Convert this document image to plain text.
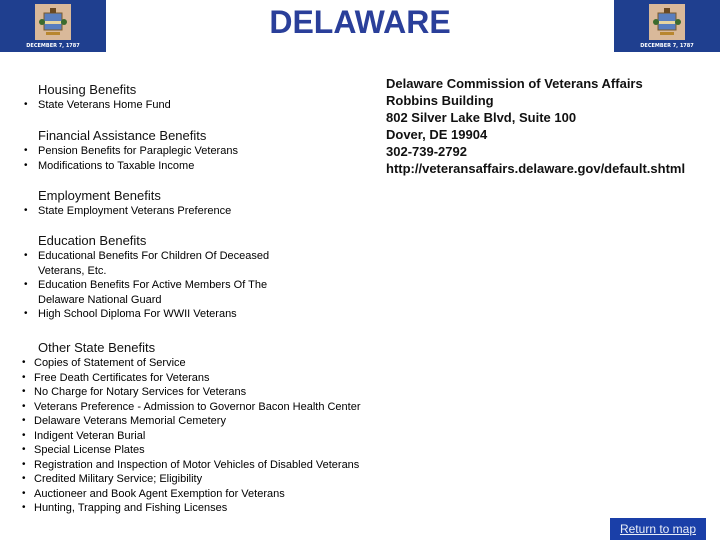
DECEMBER 7, 1787	DECEMBER 7, 1787
DELAWARE
Housing Benefits
• State Veterans Home Fund
Financial Assistance Benefits
• Pension Benefits for Paraplegic Veterans
• Modifications to Taxable Income
Employment Benefits
• State Employment Veterans Preference
Education Benefits
• Educational Benefits For Children Of Deceased
Veterans, Etc.
• Education Benefits For Active Members Of The
Delaware National Guard
• High School Diploma For WWII Veterans
Other State Benefits
• Copies of Statement of Service
• Free Death Certificates for Veterans
• No Charge for Notary Services for Veterans
• Veterans Preference - Admission to Governor Bacon Health Center
• Delaware Veterans Memorial Cemetery
• Indigent Veteran Burial
• Special License Plates
• Registration and Inspection of Motor Vehicles of Disabled Veterans
• Credited Military Service; Eligibility
• Auctioneer and Book Agent Exemption for Veterans
• Hunting, Trapping and Fishing Licenses
Delaware Commission of Veterans Affairs
Robbins Building
802 Silver Lake Blvd, Suite 100
Dover, DE 19904
302-739-2792
http://veteransaffairs.delaware.gov/default.shtml
Return to map
